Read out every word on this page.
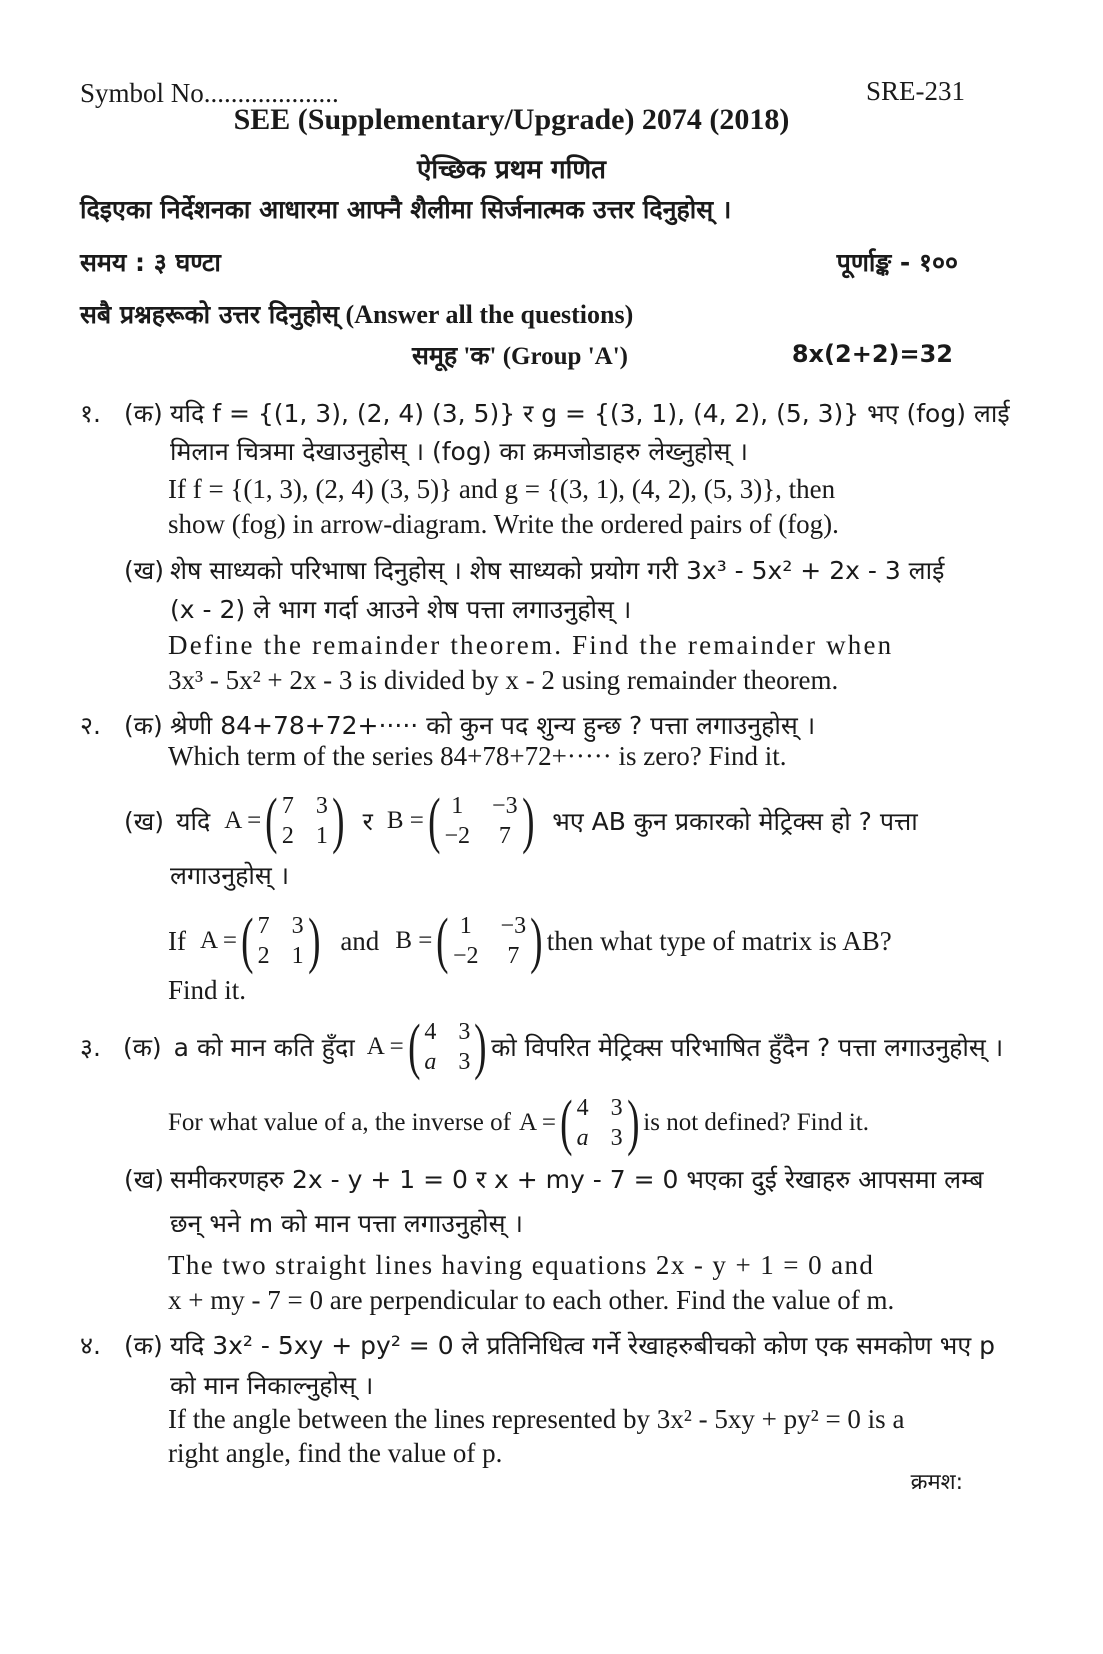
Symbol No....................	SRE-231
SEE (Supplementary/Upgrade) 2074 (2018)
ऐच्छिक प्रथम गणित
दिइएका निर्देशनका आधारमा आफ्नै शैलीमा सिर्जनात्मक उत्तर दिनुहोस् ।
समय : ३ घण्टा	पूर्णाङ्क - १००
सबै प्रश्नहरूको उत्तर दिनुहोस् (Answer all the questions)
समूह 'क' (Group 'A')	8x(2+2)=32
१. (क) यदि f = {(1, 3), (2, 4) (3, 5)} र g = {(3, 1), (4, 2), (5, 3)} भए (fog) लाई
मिलान चित्रमा देखाउनुहोस् । (fog) का क्रमजोडाहरु लेख्नुहोस् ।
If f = {(1, 3), (2, 4) (3, 5)} and g = {(3, 1), (4, 2), (5, 3)}, then
show (fog) in arrow-diagram. Write the ordered pairs of (fog).
(ख) शेष साध्यको परिभाषा दिनुहोस् । शेष साध्यको प्रयोग गरी 3x³ - 5x² + 2x - 3 लाई
(x - 2) ले भाग गर्दा आउने शेष पत्ता लगाउनुहोस् ।
Define the remainder theorem. Find the remainder when
3x³ - 5x² + 2x - 3 is divided by x - 2 using remainder theorem.
२. (क) श्रेणी 84+78+72+····· को कुन पद शुन्य हुन्छ ? पत्ता लगाउनुहोस् ।
Which term of the series 84+78+72+····· is zero? Find it.
(ख) यदि A = ( 7 3
2 1 ) र B = ( 1 −3
−2 7 ) भए AB कुन प्रकारको मेट्रिक्स हो ? पत्ता
लगाउनुहोस् ।
If A = ( 7 3
2 1 ) and B = ( 1 −3
−2 7 ) then what type of matrix is AB?
Find it.
३. (क) a को मान कति हुँदा A = ( 4 3
a 3 ) को विपरित मेट्रिक्स परिभाषित हुँदैन ? पत्ता लगाउनुहोस् ।
For what value of a, the inverse of A = ( 4 3
a 3 ) is not defined? Find it.
(ख) समीकरणहरु 2x - y + 1 = 0 र x + my - 7 = 0 भएका दुई रेखाहरु आपसमा लम्ब
छन् भने m को मान पत्ता लगाउनुहोस् ।
The two straight lines having equations 2x - y + 1 = 0 and
x + my - 7 = 0 are perpendicular to each other. Find the value of m.
४. (क) यदि 3x² - 5xy + py² = 0 ले प्रतिनिधित्व गर्ने रेखाहरुबीचको कोण एक समकोण भए p
को मान निकाल्नुहोस् ।
If the angle between the lines represented by 3x² - 5xy + py² = 0 is a
right angle, find the value of p.
क्रमश:
